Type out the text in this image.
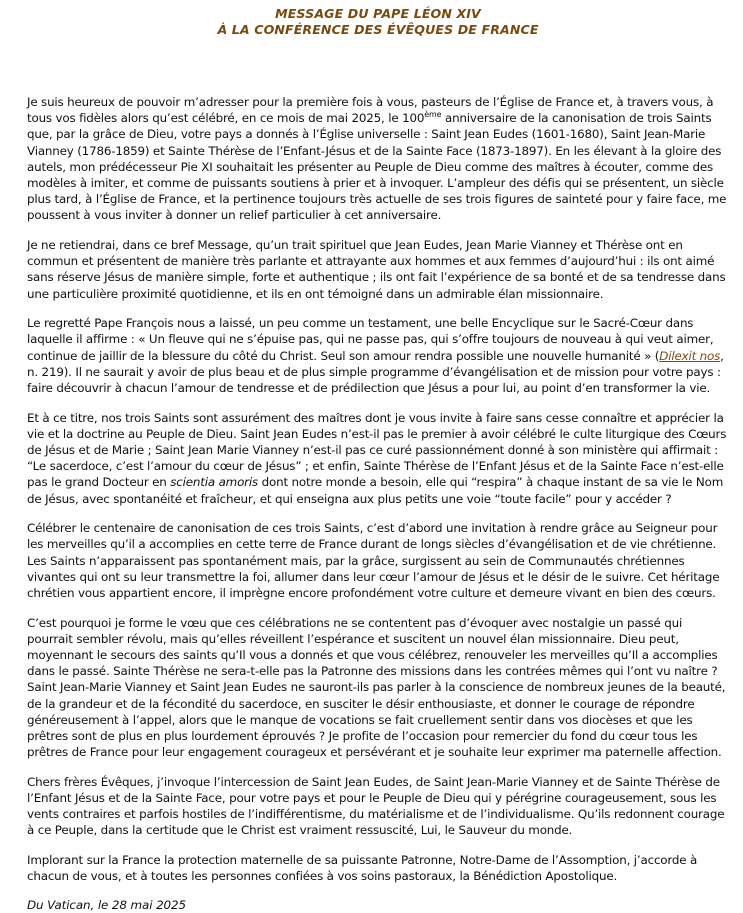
MESSAGE DU PAPE LÉON XIV
À LA CONFÉRENCE DES ÉVÊQUES DE FRANCE

Je suis heureux de pouvoir m’adresser pour la première fois à vous, pasteurs de l’Église de France et, à travers vous, à tous vos fidèles alors qu’est célébré, en ce mois de mai 2025, le 100ème anniversaire de la canonisation de trois Saints que, par la grâce de Dieu, votre pays a donnés à l’Église universelle : Saint Jean Eudes (1601-1680), Saint Jean-Marie Vianney (1786-1859) et Sainte Thérèse de l’Enfant-Jésus et de la Sainte Face (1873-1897). En les élevant à la gloire des autels, mon prédécesseur Pie XI souhaitait les présenter au Peuple de Dieu comme des maîtres à écouter, comme des modèles à imiter, et comme de puissants soutiens à prier et à invoquer. L’ampleur des défis qui se présentent, un siècle plus tard, à l’Église de France, et la pertinence toujours très actuelle de ses trois figures de sainteté pour y faire face, me poussent à vous inviter à donner un relief particulier à cet anniversaire.

Je ne retiendrai, dans ce bref Message, qu’un trait spirituel que Jean Eudes, Jean Marie Vianney et Thérèse ont en commun et présentent de manière très parlante et attrayante aux hommes et aux femmes d’aujourd’hui : ils ont aimé sans réserve Jésus de manière simple, forte et authentique ; ils ont fait l’expérience de sa bonté et de sa tendresse dans une particulière proximité quotidienne, et ils en ont témoigné dans un admirable élan missionnaire.

Le regretté Pape François nous a laissé, un peu comme un testament, une belle Encyclique sur le Sacré-Cœur dans laquelle il affirme : « Un fleuve qui ne s’épuise pas, qui ne passe pas, qui s’offre toujours de nouveau à qui veut aimer, continue de jaillir de la blessure du côté du Christ. Seul son amour rendra possible une nouvelle humanité » (Dilexit nos, n. 219). Il ne saurait y avoir de plus beau et de plus simple programme d’évangélisation et de mission pour votre pays : faire découvrir à chacun l’amour de tendresse et de prédilection que Jésus a pour lui, au point d’en transformer la vie.

Et à ce titre, nos trois Saints sont assurément des maîtres dont je vous invite à faire sans cesse connaître et apprécier la vie et la doctrine au Peuple de Dieu. Saint Jean Eudes n’est-il pas le premier à avoir célébré le culte liturgique des Cœurs de Jésus et de Marie ; Saint Jean Marie Vianney n’est-il pas ce curé passionnément donné à son ministère qui affirmait : “Le sacerdoce, c’est l’amour du cœur de Jésus” ; et enfin, Sainte Thérèse de l’Enfant Jésus et de la Sainte Face n’est-elle pas le grand Docteur en scientia amoris dont notre monde a besoin, elle qui “respira” à chaque instant de sa vie le Nom de Jésus, avec spontanéité et fraîcheur, et qui enseigna aux plus petits une voie “toute facile” pour y accéder ?

Célébrer le centenaire de canonisation de ces trois Saints, c’est d’abord une invitation à rendre grâce au Seigneur pour les merveilles qu’il a accomplies en cette terre de France durant de longs siècles d’évangélisation et de vie chrétienne. Les Saints n’apparaissent pas spontanément mais, par la grâce, surgissent au sein de Communautés chrétiennes vivantes qui ont su leur transmettre la foi, allumer dans leur cœur l’amour de Jésus et le désir de le suivre. Cet héritage chrétien vous appartient encore, il imprègne encore profondément votre culture et demeure vivant en bien des cœurs.

C’est pourquoi je forme le vœu que ces célébrations ne se contentent pas d’évoquer avec nostalgie un passé qui pourrait sembler révolu, mais qu’elles réveillent l’espérance et suscitent un nouvel élan missionnaire. Dieu peut, moyennant le secours des saints qu’Il vous a donnés et que vous célébrez, renouveler les merveilles qu’Il a accomplies dans le passé. Sainte Thérèse ne sera-t-elle pas la Patronne des missions dans les contrées mêmes qui l’ont vu naître ? Saint Jean-Marie Vianney et Saint Jean Eudes ne sauront-ils pas parler à la conscience de nombreux jeunes de la beauté, de la grandeur et de la fécondité du sacerdoce, en susciter le désir enthousiaste, et donner le courage de répondre généreusement à l’appel, alors que le manque de vocations se fait cruellement sentir dans vos diocèses et que les prêtres sont de plus en plus lourdement éprouvés ? Je profite de l’occasion pour remercier du fond du cœur tous les prêtres de France pour leur engagement courageux et persévérant et je souhaite leur exprimer ma paternelle affection.

Chers frères Évêques, j’invoque l’intercession de Saint Jean Eudes, de Saint Jean-Marie Vianney et de Sainte Thérèse de l’Enfant Jésus et de la Sainte Face, pour votre pays et pour le Peuple de Dieu qui y pérégrine courageusement, sous les vents contraires et parfois hostiles de l’indifférentisme, du matérialisme et de l’individualisme. Qu’ils redonnent courage à ce Peuple, dans la certitude que le Christ est vraiment ressuscité, Lui, le Sauveur du monde.

Implorant sur la France la protection maternelle de sa puissante Patronne, Notre-Dame de l’Assomption, j’accorde à chacun de vous, et à toutes les personnes confiées à vos soins pastoraux, la Bénédiction Apostolique.

Du Vatican, le 28 mai 2025
